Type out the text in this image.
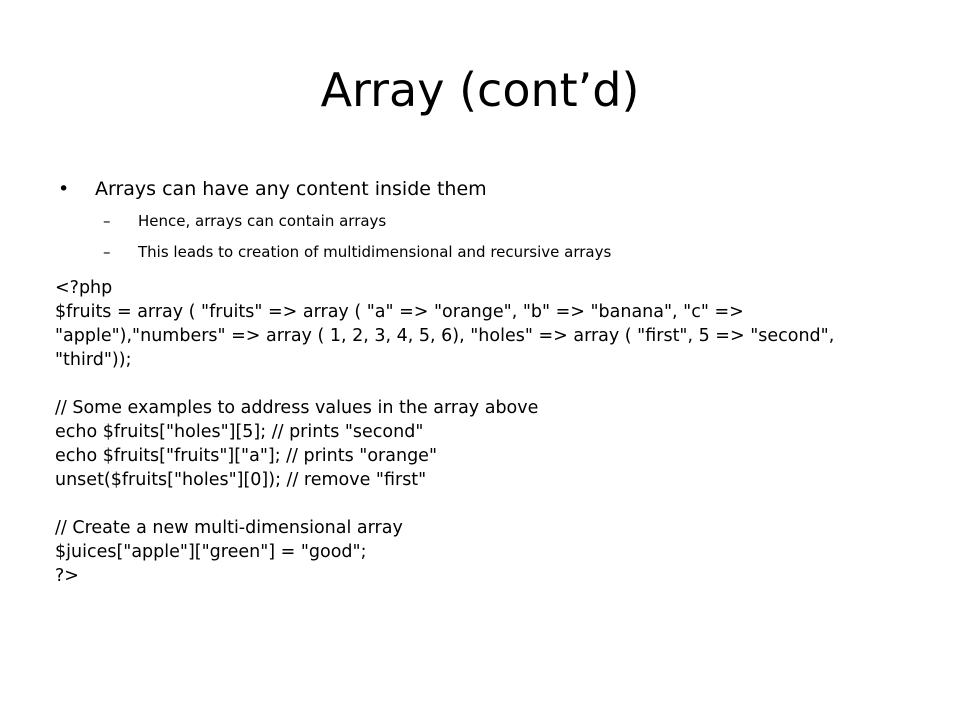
Array (cont’d)
•	Arrays can have any content inside them
– Hence, arrays can contain arrays
– This leads to creation of multidimensional and recursive arrays
<?php
$fruits = array ( "fruits" => array ( "a" => "orange", "b" => "banana", "c" =>
"apple"),"numbers" => array ( 1, 2, 3, 4, 5, 6), "holes" => array ( "first", 5 => "second",
"third"));
// Some examples to address values in the array above
echo $fruits["holes"][5]; // prints "second"
echo $fruits["fruits"]["a"]; // prints "orange"
unset($fruits["holes"][0]); // remove "first"
// Create a new multi-dimensional array
$juices["apple"]["green"] = "good";
?>
